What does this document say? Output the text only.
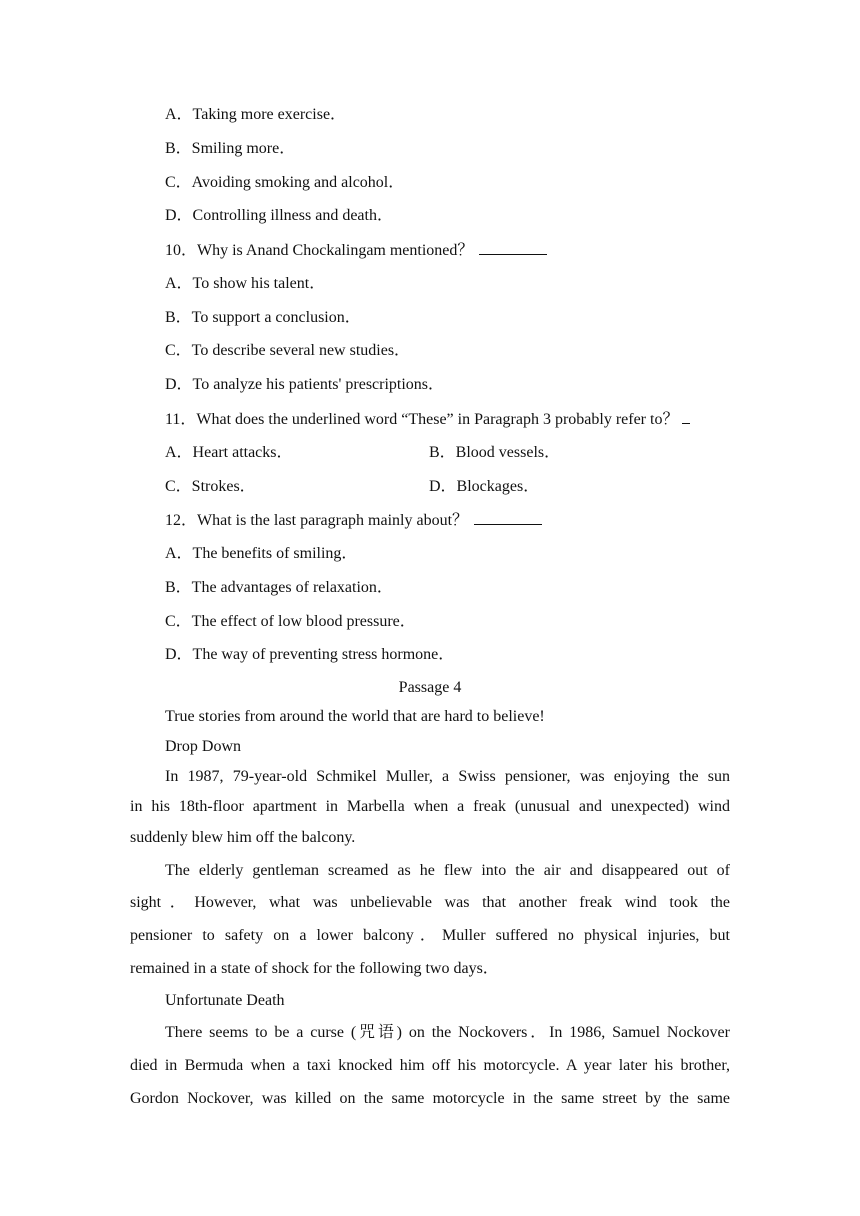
A．Taking more exercise．
B．Smiling more．
C．Avoiding smoking and alcohol．
D．Controlling illness and death．
10．Why is Anand Chockalingam mentioned？
A．To show his talent．
B．To support a conclusion．
C．To describe several new studies．
D．To analyze his patients' prescriptions．
11．What does the underlined word “These” in Paragraph 3 probably refer to？
A．Heart attacks．	B．Blood vessels．
C．Strokes．	D．Blockages．
12．What is the last paragraph mainly about？
A．The benefits of smiling．
B．The advantages of relaxation．
C．The effect of low blood pressure．
D．The way of preventing stress hormone．
Passage 4
True stories from around the world that are hard to believe!
Drop Down
In 1987, 79-year-old Schmikel Muller, a Swiss pensioner, was enjoying the sun
in his 18th-floor apartment in Marbella when a freak (unusual and unexpected) wind
suddenly blew him off the balcony.
The elderly gentleman screamed as he flew into the air and disappeared out of
sight．However, what was unbelievable was that another freak wind took the
pensioner to safety on a lower balcony．Muller suffered no physical injuries, but
remained in a state of shock for the following two days．
Unfortunate Death
There seems to be a curse (咒语) on the Nockovers．In 1986, Samuel Nockover
died in Bermuda when a taxi knocked him off his motorcycle. A year later his brother,
Gordon Nockover, was killed on the same motorcycle in the same street by the same
